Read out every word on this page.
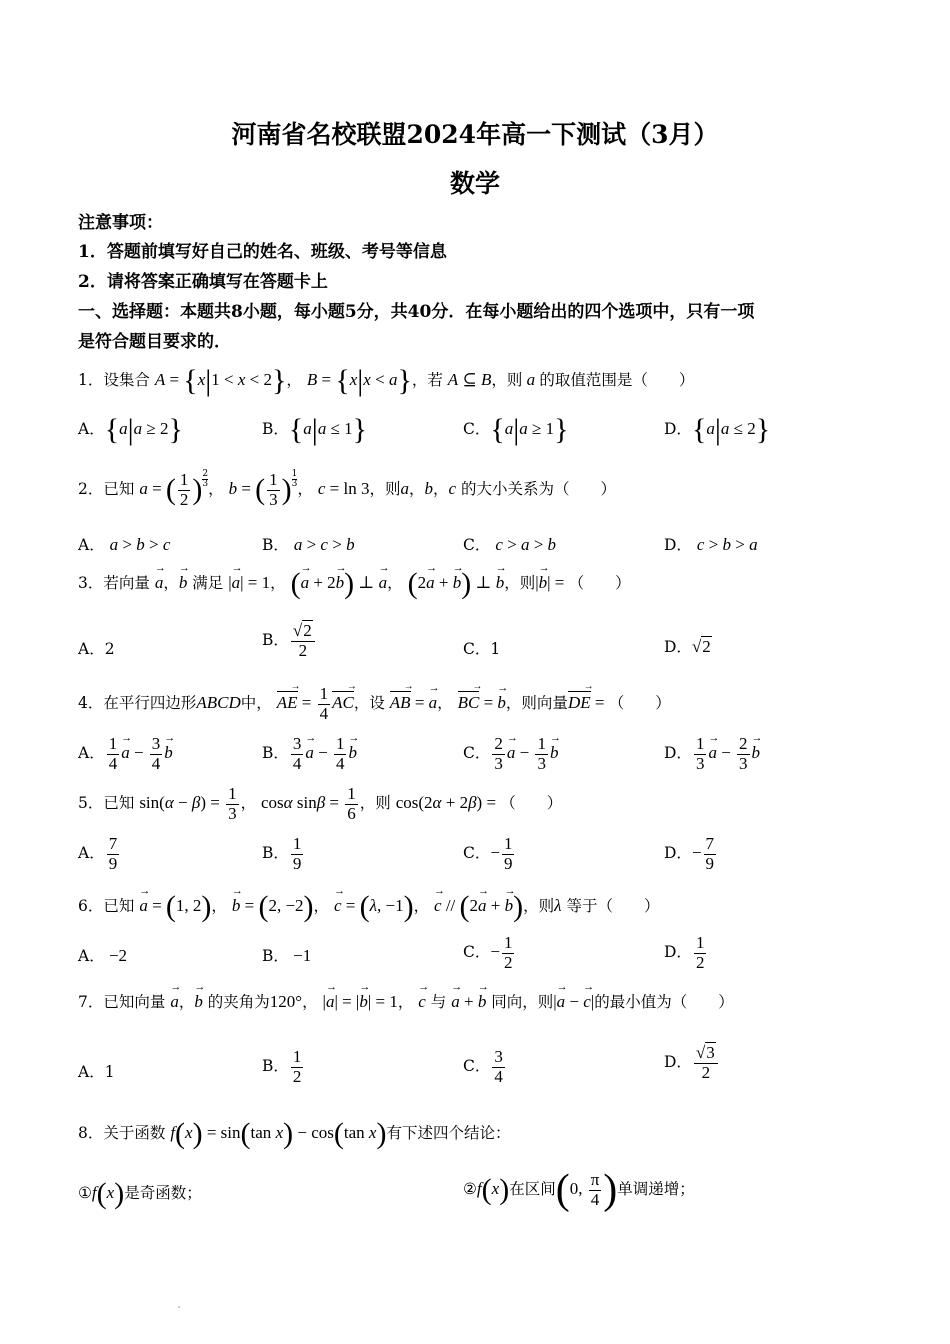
河南省名校联盟2024年高一下测试（3月）
数学
注意事项：
1．答题前填写好自己的姓名、班级、考号等信息
2．请将答案正确填写在答题卡上
一、选择题：本题共8小题，每小题5分，共40分．在每小题给出的四个选项中，只有一项
是符合题目要求的．
1．设集合 A = {x|1 < x < 2}， B = {x|x < a}，若 A ⊆ B，则 a 的取值范围是（　　）
A．{a|a ≥ 2}	B．{a|a ≤ 1}	C．{a|a ≥ 1}	D．{a|a ≤ 2}
2．已知 a = ( $\frac{1}{2}$ ) $\frac{2}{3}$ ， b = ( $\frac{1}{3}$ ) $\frac{1}{3}$ ， c = ln 3，则a，b，c 的大小关系为（　　）
A． a > b > c	B． a > c > b	C． c > a > b	D． c > b > a
3．若向量 a →，b → 满足 |a →| = 1， (a → + 2b →) ⊥ a →， (2a → + b →) ⊥ b →，则|b →| = （　　）
A．2	B． $\frac{√2}{2}$	C．1	D．√2
4．在平行四边形ABCD中， → AE = $\frac{1}{4}$ → AC，设 → AB = a →， → BC = b →，则向量→ DE = （　　）
A． $\frac{1}{4}$ a → − $\frac{3}{4}$ b →	B． $\frac{3}{4}$ a → − $\frac{1}{4}$ b →	C． $\frac{2}{3}$ a → − $\frac{1}{3}$ b →	D． $\frac{1}{3}$ a → − $\frac{2}{3}$ b →
5．已知 $\sin(\alpha - \beta) = \frac{1}{3}$ ， cosα $\sin\beta = \frac{1}{6}$ ，则 cos(2α + 2β) = （　　）
A． $\frac{7}{9}$	B． $\frac{1}{9}$	C．− $\frac{1}{9}$	D．− $\frac{7}{9}$
6．已知 a → = (1, 2)， b → = (2, −2)， c → = (λ, −1)， c → // (2a → + b →)，则λ 等于（　　）
A． −2	B． −1	C．− $\frac{1}{2}$	D． $\frac{1}{2}$
7．已知向量 a →，b → 的夹角为120°， |a →| = |b →| = 1， c → 与 a → + b → 同向，则|a → − c →|的最小值为（　　）
A．1	B． $\frac{1}{2}$	C． $\frac{3}{4}$	D． $\frac{√3}{2}$
8．关于函数 f(x) = sin(tan x) − cos(tan x)有下述四个结论：
①f(x)是奇函数；	②f(x)在区间(0, $\frac{\pi}{4}$ )单调递增；
